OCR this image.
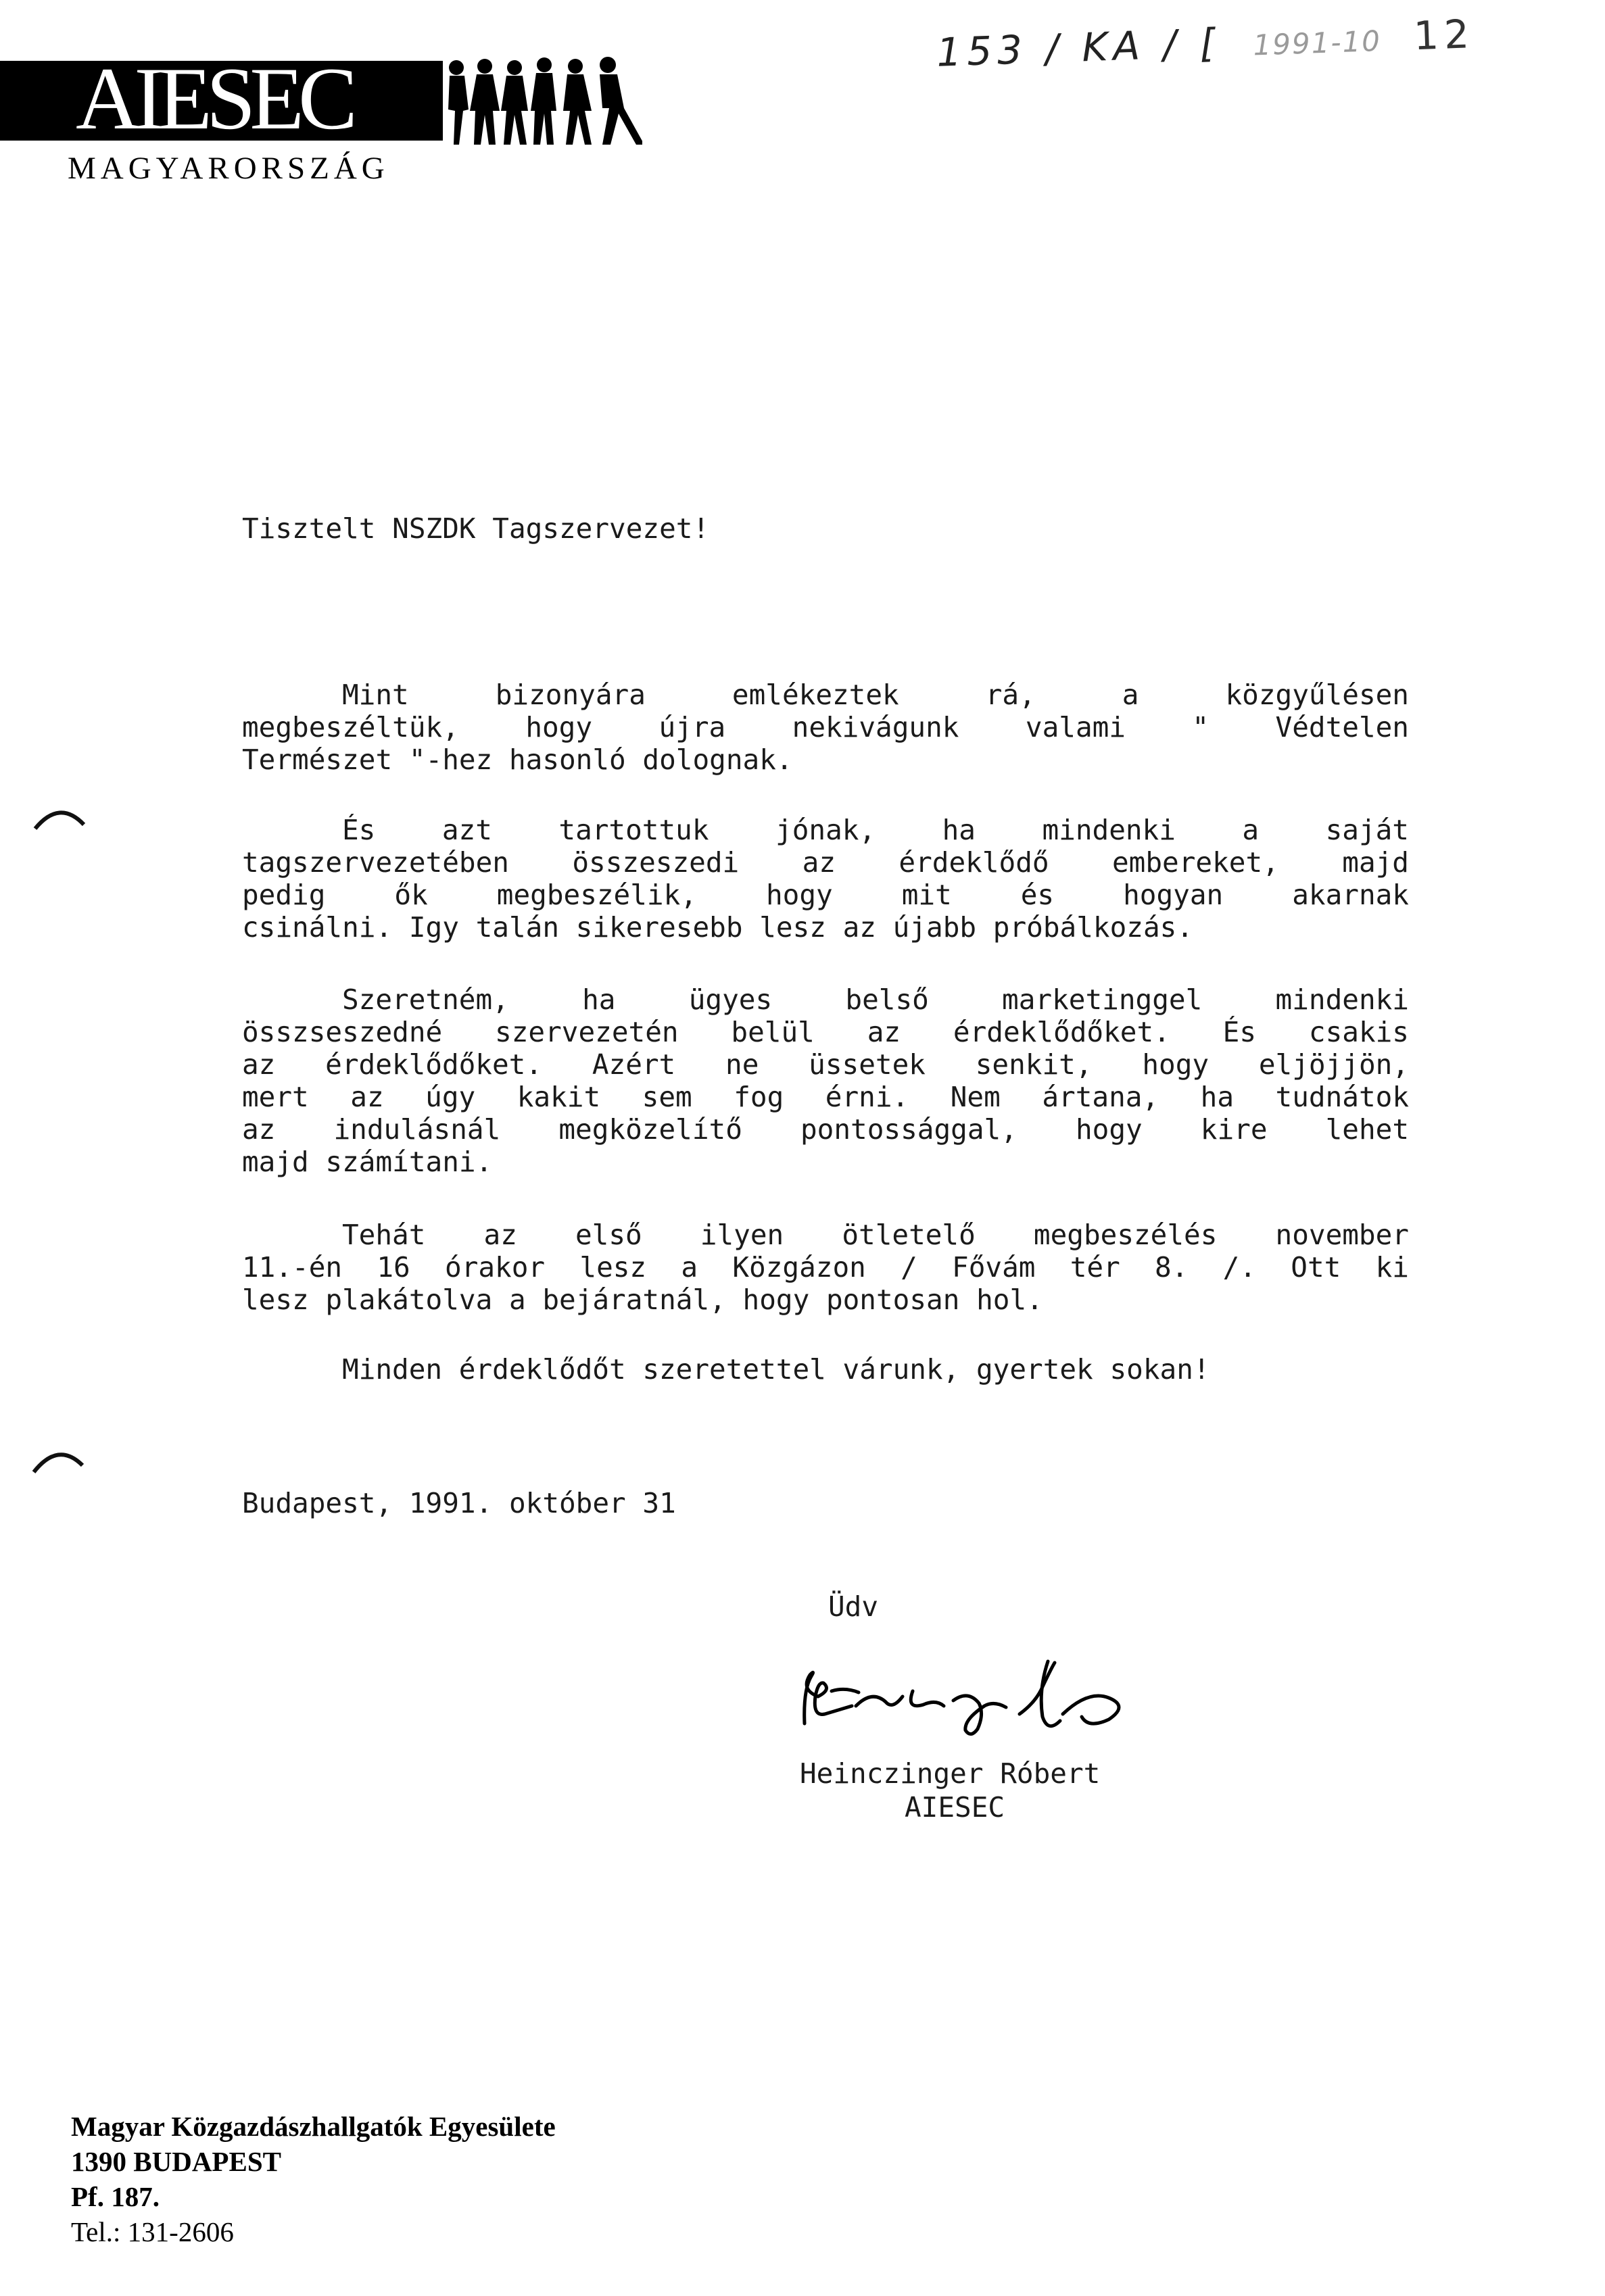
AIESEC
MAGYARORSZÁG
153 / KA / [ 1991-10 12
Tisztelt NSZDK Tagszervezet!
Mint bizonyára emlékeztek rá, a közgyűlésen
megbeszéltük, hogy újra nekivágunk valami " Védtelen
Természet "-hez hasonló dolognak.
És azt tartottuk jónak, ha mindenki a saját
tagszervezetében összeszedi az érdeklődő embereket, majd
pedig ők megbeszélik, hogy mit és hogyan akarnak
csinálni. Igy talán sikeresebb lesz az újabb próbálkozás.
Szeretném, ha ügyes belső marketinggel mindenki
összseszedné szervezetén belül az érdeklődőket. És csakis
az érdeklődőket. Azért ne üssetek senkit, hogy eljöjjön,
mert az úgy kakit sem fog érni. Nem ártana, ha tudnátok
az indulásnál megközelítő pontossággal, hogy kire lehet
majd számítani.
Tehát az első ilyen ötletelő megbeszélés november
11.-én 16 órakor lesz a Közgázon / Fővám tér 8. /. Ott ki
lesz plakátolva a bejáratnál, hogy pontosan hol.
Minden érdeklődőt szeretettel várunk, gyertek sokan!
Budapest, 1991. október 31
Üdv
Heinczinger Róbert
AIESEC
Magyar Közgazdászhallgatók Egyesülete
1390 BUDAPEST
Pf. 187.
Tel.: 131-2606
